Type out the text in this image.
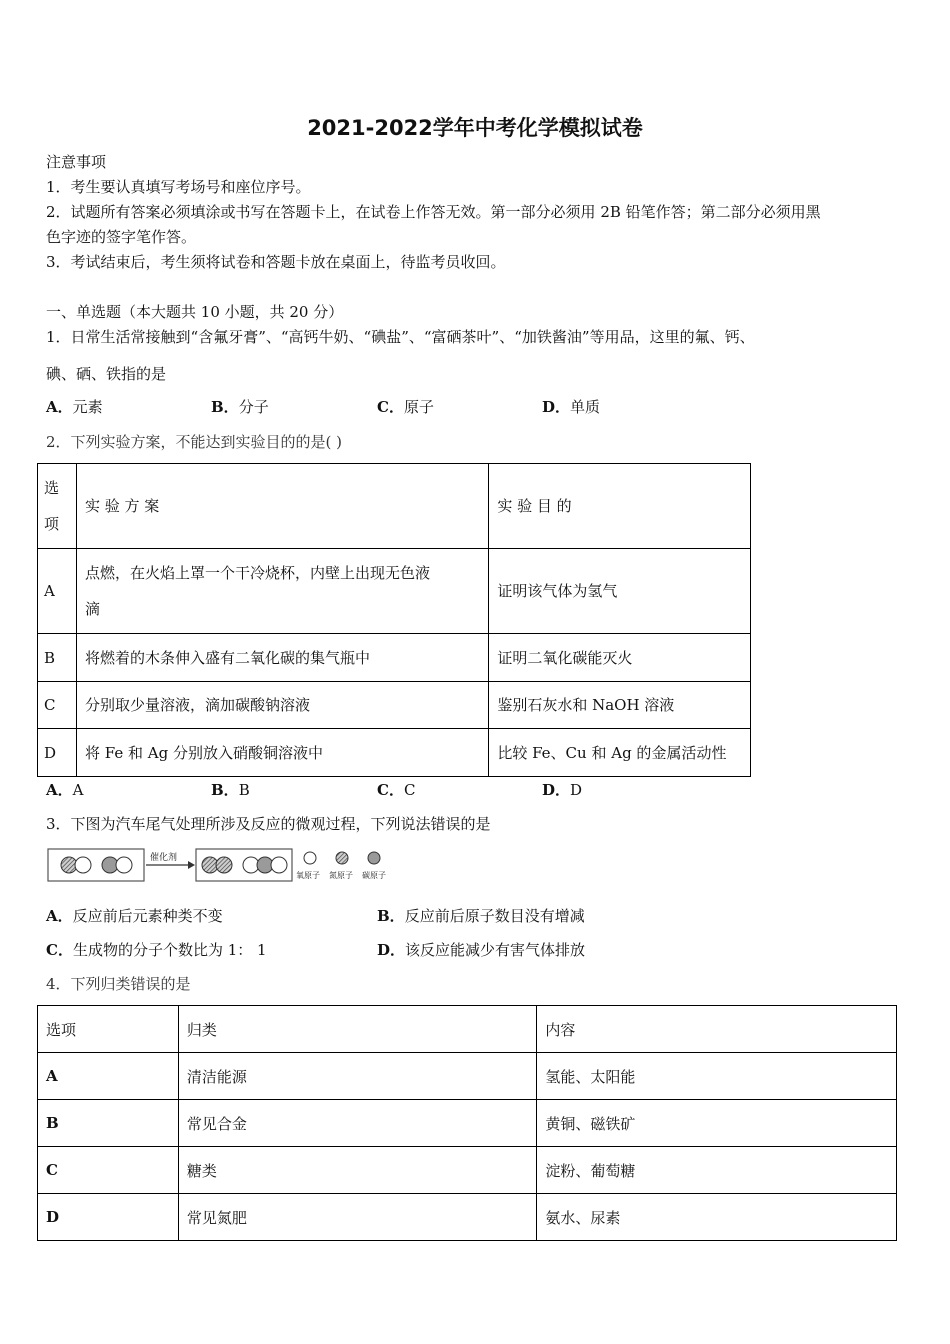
2021-2022学年中考化学模拟试卷
注意事项
1．考生要认真填写考场号和座位序号。
2．试题所有答案必须填涂或书写在答题卡上，在试卷上作答无效。第一部分必须用 2B 铅笔作答；第二部分必须用黑
色字迹的签字笔作答。
3．考试结束后，考生须将试卷和答题卡放在桌面上，待监考员收回。
一、单选题（本大题共 10 小题，共 20 分）
1．日常生活常接触到“含氟牙膏”、“高钙牛奶、“碘盐”、“富硒茶叶”、“加铁酱油”等用品，这里的氟、钙、
碘、硒、铁指的是
A．元素	B．分子	C．原子	D．单质
2．下列实验方案，不能达到实验目的的是( )
选
项	实 验 方 案	实 验 目 的
A	点燃，在火焰上罩一个干冷烧杯，内壁上出现无色液
滴	证明该气体为氢气
B	将燃着的木条伸入盛有二氧化碳的集气瓶中	证明二氧化碳能灭火
C	分别取少量溶液，滴加碳酸钠溶液	鉴别石灰水和 NaOH 溶液
D	将 Fe 和 Ag 分别放入硝酸铜溶液中	比较 Fe、Cu 和 Ag 的金属活动性
A．A	B．B	C．C	D．D
3．下图为汽车尾气处理所涉及反应的微观过程，下列说法错误的是
催化剂
氧原子 氮原子 碳原子
A．反应前后元素种类不变	B．反应前后原子数目没有增减
C．生成物的分子个数比为 1： 1	D．该反应能减少有害气体排放
4．下列归类错误的是
选项	归类	内容
A	清洁能源	氢能、太阳能
B	常见合金	黄铜、磁铁矿
C	糖类	淀粉、葡萄糖
D	常见氮肥	氨水、尿素
